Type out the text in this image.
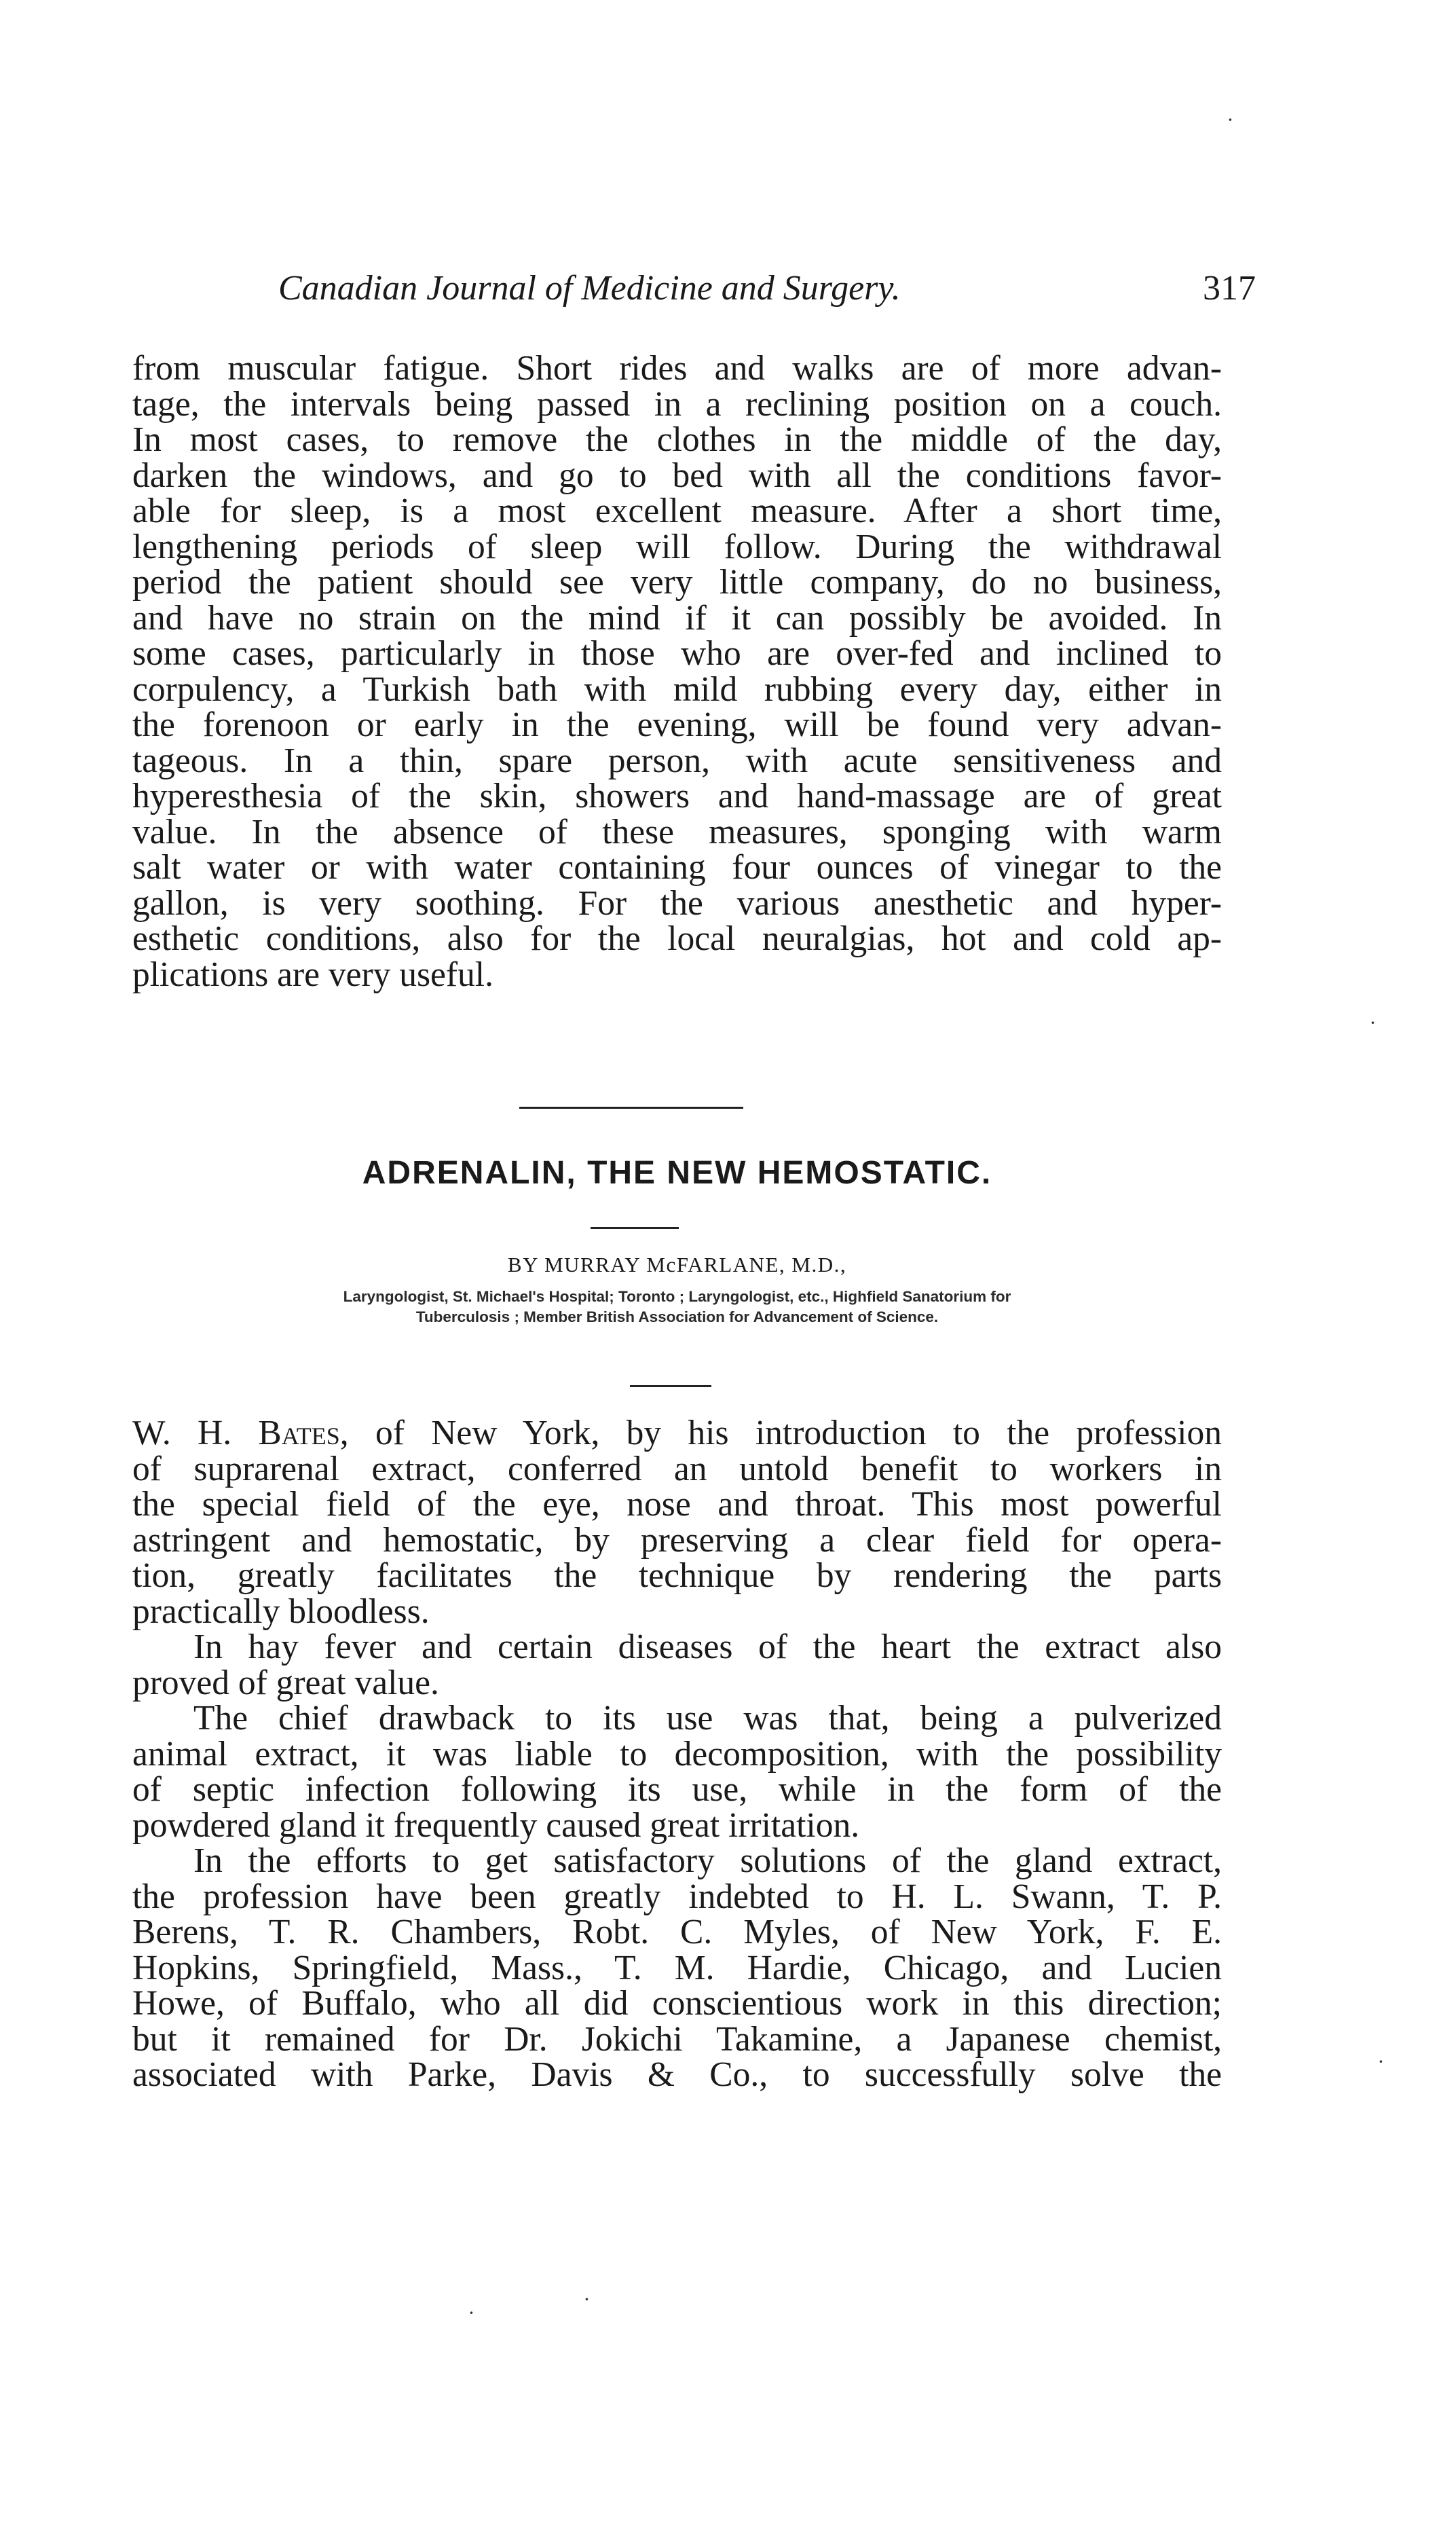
Canadian Journal of Medicine and Surgery.	317
from muscular fatigue. Short rides and walks are of more advan-
tage, the intervals being passed in a reclining position on a couch.
In most cases, to remove the clothes in the middle of the day,
darken the windows, and go to bed with all the conditions favor-
able for sleep, is a most excellent measure. After a short time,
lengthening periods of sleep will follow. During the withdrawal
period the patient should see very little company, do no business,
and have no strain on the mind if it can possibly be avoided. In
some cases, particularly in those who are over-fed and inclined to
corpulency, a Turkish bath with mild rubbing every day, either in
the forenoon or early in the evening, will be found very advan-
tageous. In a thin, spare person, with acute sensitiveness and
hyperesthesia of the skin, showers and hand-massage are of great
value. In the absence of these measures, sponging with warm
salt water or with water containing four ounces of vinegar to the
gallon, is very soothing. For the various anesthetic and hyper-
esthetic conditions, also for the local neuralgias, hot and cold ap-
plications are very useful.
ADRENALIN, THE NEW HEMOSTATIC.
BY MURRAY McFARLANE, M.D.,
Laryngologist, St. Michael's Hospital; Toronto ; Laryngologist, etc., Highfield Sanatorium for
Tuberculosis ; Member British Association for Advancement of Science.
W. H. Bates, of New York, by his introduction to the profession
of suprarenal extract, conferred an untold benefit to workers in
the special field of the eye, nose and throat. This most powerful
astringent and hemostatic, by preserving a clear field for opera-
tion, greatly facilitates the technique by rendering the parts
practically bloodless.
In hay fever and certain diseases of the heart the extract also
proved of great value.
The chief drawback to its use was that, being a pulverized
animal extract, it was liable to decomposition, with the possibility
of septic infection following its use, while in the form of the
powdered gland it frequently caused great irritation.
In the efforts to get satisfactory solutions of the gland extract,
the profession have been greatly indebted to H. L. Swann, T. P.
Berens, T. R. Chambers, Robt. C. Myles, of New York, F. E.
Hopkins, Springfield, Mass., T. M. Hardie, Chicago, and Lucien
Howe, of Buffalo, who all did conscientious work in this direction;
but it remained for Dr. Jokichi Takamine, a Japanese chemist,
associated with Parke, Davis & Co., to successfully solve the
·
·
·
·
·
